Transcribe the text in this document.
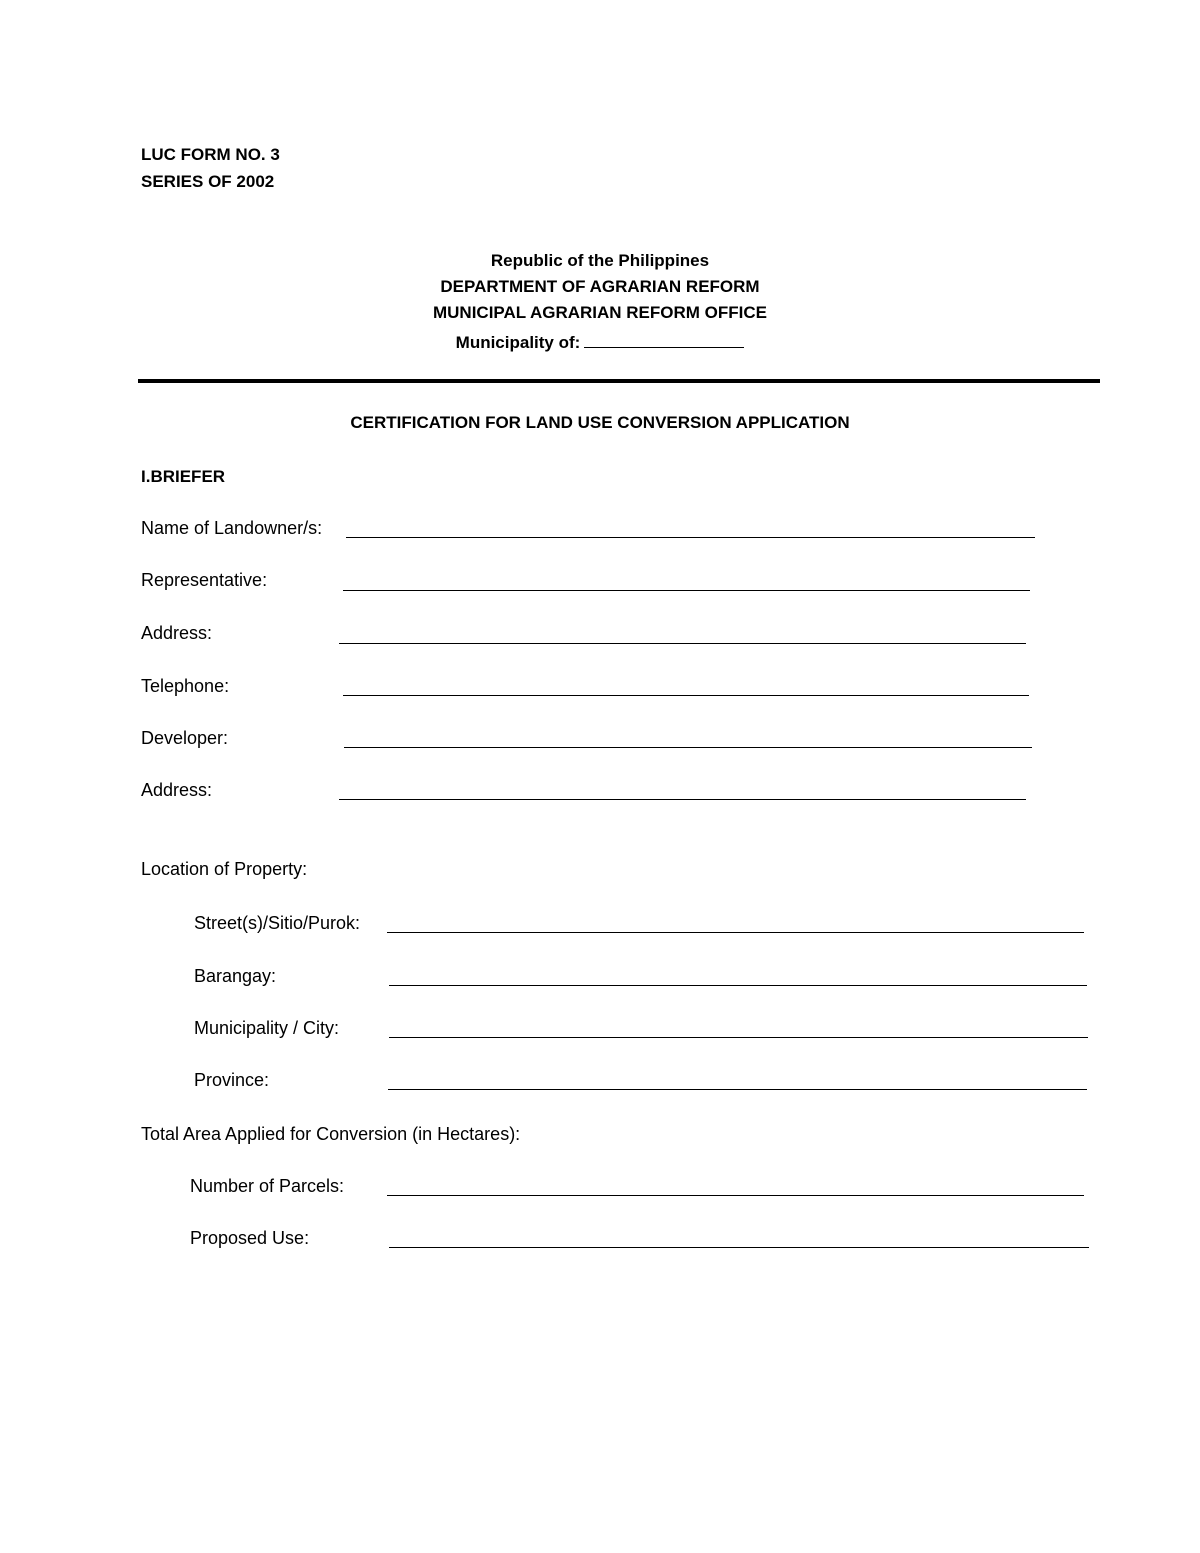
LUC FORM NO. 3
SERIES OF 2002
Republic of the Philippines
DEPARTMENT OF AGRARIAN REFORM
MUNICIPAL AGRARIAN REFORM OFFICE
Municipality of:
CERTIFICATION FOR LAND USE CONVERSION APPLICATION
I.BRIEFER
Name of Landowner/s:
Representative:
Address:
Telephone:
Developer:
Address:
Location of Property:
Street(s)/Sitio/Purok:
Barangay:
Municipality / City:
Province:
Total Area Applied for Conversion (in Hectares):
Number of Parcels:
Proposed Use:
